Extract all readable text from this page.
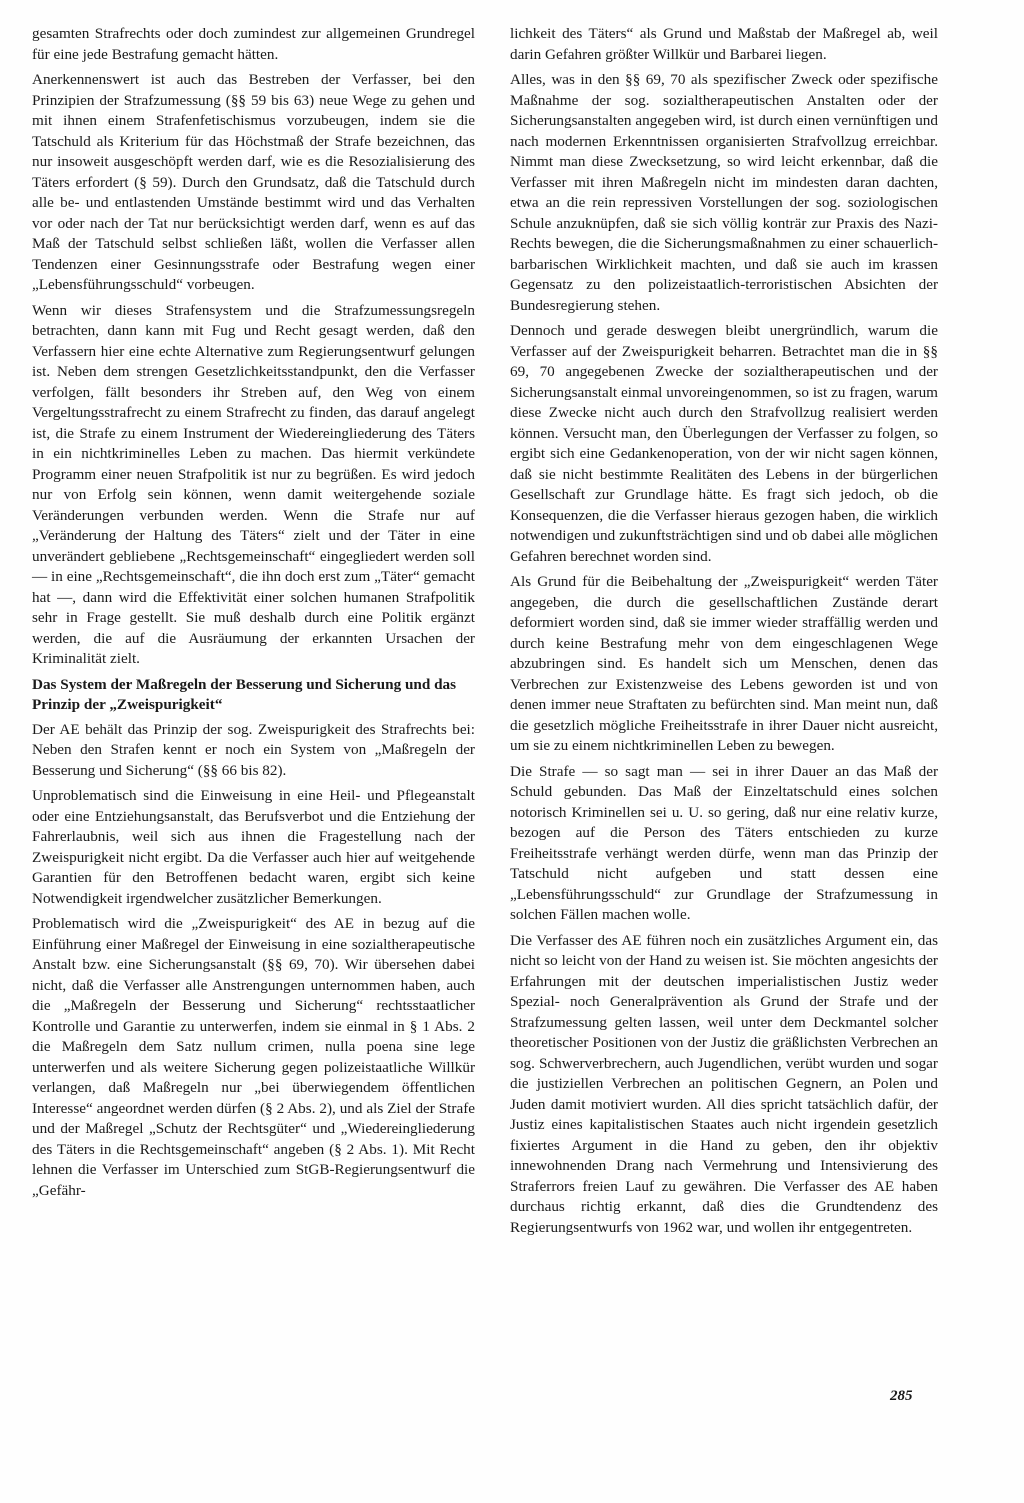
gesamten Strafrechts oder doch zumindest zur allgemeinen Grundregel für eine jede Bestrafung gemacht hätten.

Anerkennenswert ist auch das Bestreben der Verfasser, bei den Prinzipien der Strafzumessung (§§ 59 bis 63) neue Wege zu gehen und mit ihnen einem Strafenfetischismus vorzubeugen, indem sie die Tatschuld als Kriterium für das Höchstmaß der Strafe bezeichnen, das nur insoweit ausgeschöpft werden darf, wie es die Resozialisierung des Täters erfordert (§ 59). Durch den Grundsatz, daß die Tatschuld durch alle be- und entlastenden Umstände bestimmt wird und das Verhalten vor oder nach der Tat nur berücksichtigt werden darf, wenn es auf das Maß der Tatschuld selbst schließen läßt, wollen die Verfasser allen Tendenzen einer Gesinnungsstrafe oder Bestrafung wegen einer „Lebensführungsschuld“ vorbeugen.

Wenn wir dieses Strafensystem und die Strafzumessungsregeln betrachten, dann kann mit Fug und Recht gesagt werden, daß den Verfassern hier eine echte Alternative zum Regierungsentwurf gelungen ist. Neben dem strengen Gesetzlichkeitsstandpunkt, den die Verfasser verfolgen, fällt besonders ihr Streben auf, den Weg von einem Vergeltungsstrafrecht zu einem Strafrecht zu finden, das darauf angelegt ist, die Strafe zu einem Instrument der Wiedereingliederung des Täters in ein nichtkriminelles Leben zu machen. Das hiermit verkündete Programm einer neuen Strafpolitik ist nur zu begrüßen. Es wird jedoch nur von Erfolg sein können, wenn damit weitergehende soziale Veränderungen verbunden werden. Wenn die Strafe nur auf „Veränderung der Haltung des Täters“ zielt und der Täter in eine unverändert gebliebene „Rechtsgemeinschaft“ eingegliedert werden soll — in eine „Rechtsgemeinschaft“, die ihn doch erst zum „Täter“ gemacht hat —, dann wird die Effektivität einer solchen humanen Strafpolitik sehr in Frage gestellt. Sie muß deshalb durch eine Politik ergänzt werden, die auf die Ausräumung der erkannten Ursachen der Kriminalität zielt.

Das System der Maßregeln der Besserung und Sicherung und das Prinzip der „Zweispurigkeit“

Der AE behält das Prinzip der sog. Zweispurigkeit des Strafrechts bei: Neben den Strafen kennt er noch ein System von „Maßregeln der Besserung und Sicherung“ (§§ 66 bis 82).

Unproblematisch sind die Einweisung in eine Heil- und Pflegeanstalt oder eine Entziehungsanstalt, das Berufsverbot und die Entziehung der Fahrerlaubnis, weil sich aus ihnen die Fragestellung nach der Zweispurigkeit nicht ergibt. Da die Verfasser auch hier auf weitgehende Garantien für den Betroffenen bedacht waren, ergibt sich keine Notwendigkeit irgendwelcher zusätzlicher Bemerkungen.

Problematisch wird die „Zweispurigkeit“ des AE in bezug auf die Einführung einer Maßregel der Einweisung in eine sozialtherapeutische Anstalt bzw. eine Sicherungsanstalt (§§ 69, 70). Wir übersehen dabei nicht, daß die Verfasser alle Anstrengungen unternommen haben, auch die „Maßregeln der Besserung und Sicherung“ rechtsstaatlicher Kontrolle und Garantie zu unterwerfen, indem sie einmal in § 1 Abs. 2 die Maßregeln dem Satz nullum crimen, nulla poena sine lege unterwerfen und als weitere Sicherung gegen polizeistaatliche Willkür verlangen, daß Maßregeln nur „bei überwiegendem öffentlichen Interesse“ angeordnet werden dürfen (§ 2 Abs. 2), und als Ziel der Strafe und der Maßregel „Schutz der Rechtsgüter“ und „Wiedereingliederung des Täters in die Rechtsgemeinschaft“ angeben (§ 2 Abs. 1). Mit Recht lehnen die Verfasser im Unterschied zum StGB-Regierungsentwurf die „Gefähr-

lichkeit des Täters“ als Grund und Maßstab der Maßregel ab, weil darin Gefahren größter Willkür und Barbarei liegen.

Alles, was in den §§ 69, 70 als spezifischer Zweck oder spezifische Maßnahme der sog. sozialtherapeutischen Anstalten oder der Sicherungsanstalten angegeben wird, ist durch einen vernünftigen und nach modernen Erkenntnissen organisierten Strafvollzug erreichbar. Nimmt man diese Zwecksetzung, so wird leicht erkennbar, daß die Verfasser mit ihren Maßregeln nicht im mindesten daran dachten, etwa an die rein repressiven Vorstellungen der sog. soziologischen Schule anzuknüpfen, daß sie sich völlig konträr zur Praxis des Nazi-Rechts bewegen, die die Sicherungsmaßnahmen zu einer schauerlich-barbarischen Wirklichkeit machten, und daß sie auch im krassen Gegensatz zu den polizeistaatlich-terroristischen Absichten der Bundesregierung stehen.

Dennoch und gerade deswegen bleibt unergründlich, warum die Verfasser auf der Zweispurigkeit beharren. Betrachtet man die in §§ 69, 70 angegebenen Zwecke der sozialtherapeutischen und der Sicherungsanstalt einmal unvoreingenommen, so ist zu fragen, warum diese Zwecke nicht auch durch den Strafvollzug realisiert werden können. Versucht man, den Überlegungen der Verfasser zu folgen, so ergibt sich eine Gedankenoperation, von der wir nicht sagen können, daß sie nicht bestimmte Realitäten des Lebens in der bürgerlichen Gesellschaft zur Grundlage hätte. Es fragt sich jedoch, ob die Konsequenzen, die die Verfasser hieraus gezogen haben, die wirklich notwendigen und zukunftsträchtigen sind und ob dabei alle möglichen Gefahren berechnet worden sind.

Als Grund für die Beibehaltung der „Zweispurigkeit“ werden Täter angegeben, die durch die gesellschaftlichen Zustände derart deformiert worden sind, daß sie immer wieder straffällig werden und durch keine Bestrafung mehr von dem eingeschlagenen Wege abzubringen sind. Es handelt sich um Menschen, denen das Verbrechen zur Existenzweise des Lebens geworden ist und von denen immer neue Straftaten zu befürchten sind. Man meint nun, daß die gesetzlich mögliche Freiheitsstrafe in ihrer Dauer nicht ausreicht, um sie zu einem nichtkriminellen Leben zu bewegen.

Die Strafe — so sagt man — sei in ihrer Dauer an das Maß der Schuld gebunden. Das Maß der Einzeltatschuld eines solchen notorisch Kriminellen sei u. U. so gering, daß nur eine relativ kurze, bezogen auf die Person des Täters entschieden zu kurze Freiheitsstrafe verhängt werden dürfe, wenn man das Prinzip der Tatschuld nicht aufgeben und statt dessen eine „Lebensführungsschuld“ zur Grundlage der Strafzumessung in solchen Fällen machen wolle.

Die Verfasser des AE führen noch ein zusätzliches Argument ein, das nicht so leicht von der Hand zu weisen ist. Sie möchten angesichts der Erfahrungen mit der deutschen imperialistischen Justiz weder Spezial- noch Generalprävention als Grund der Strafe und der Strafzumessung gelten lassen, weil unter dem Deckmantel solcher theoretischer Positionen von der Justiz die gräßlichsten Verbrechen an sog. Schwerverbrechern, auch Jugendlichen, verübt wurden und sogar die justiziellen Verbrechen an politischen Gegnern, an Polen und Juden damit motiviert wurden. All dies spricht tatsächlich dafür, der Justiz eines kapitalistischen Staates auch nicht irgendein gesetzlich fixiertes Argument in die Hand zu geben, den ihr objektiv innewohnenden Drang nach Vermehrung und Intensivierung des Straferrors freien Lauf zu gewähren. Die Verfasser des AE haben durchaus richtig erkannt, daß dies die Grundtendenz des Regierungsentwurfs von 1962 war, und wollen ihr entgegentreten.

285
